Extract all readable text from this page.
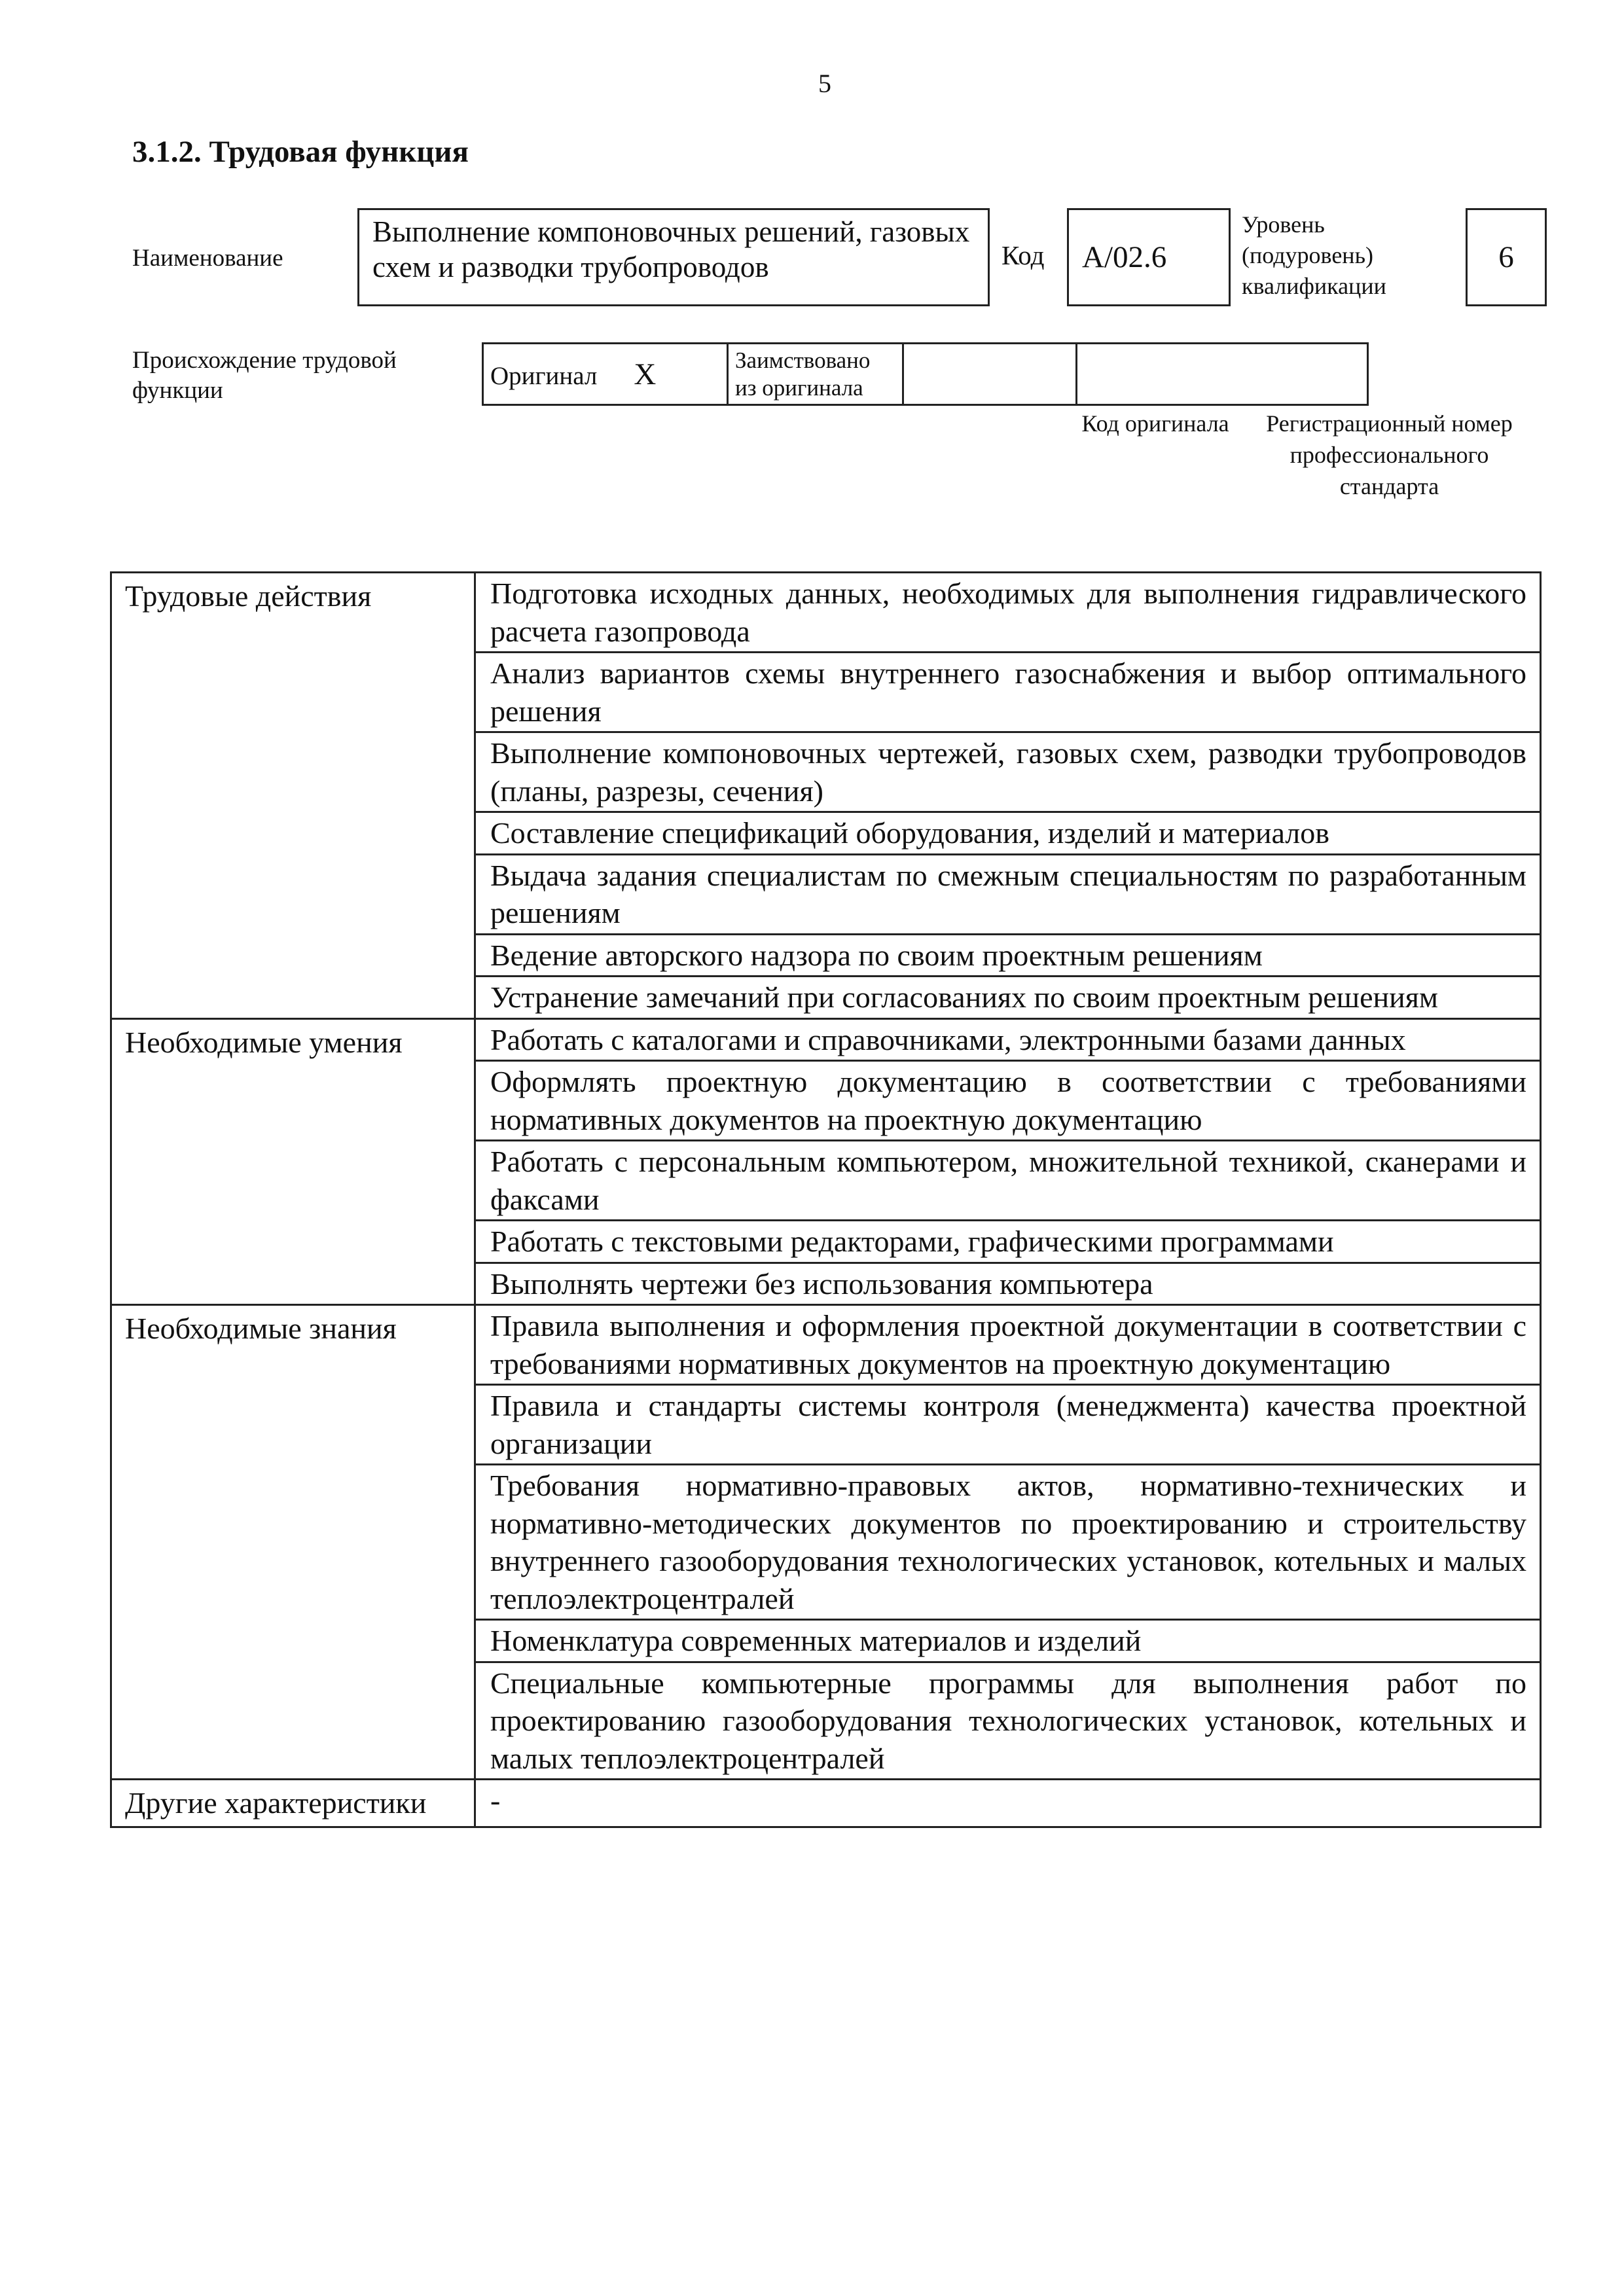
5
3.1.2. Трудовая функция
Наименование
Выполнение компоновочных решений, газовых схем и разводки трубопроводов	Код A/02.6
Уровень (подуровень) квалификации
6
Происхождение трудовой функции
Оригинал X	Заимствовано из оригинала		
Код оригинала	Регистрационный номер профессионального стандарта
Трудовые действия	Подготовка исходных данных, необходимых для выполнения гидравлического расчета газопровода
	Анализ вариантов схемы внутреннего газоснабжения и выбор оптимального решения
	Выполнение компоновочных чертежей, газовых схем, разводки трубопроводов (планы, разрезы, сечения)
	Составление спецификаций оборудования, изделий и материалов
	Выдача задания специалистам по смежным специальностям по разработанным решениям
	Ведение авторского надзора по своим проектным решениям
	Устранение замечаний при согласованиях по своим проектным решениям
Необходимые умения	Работать с каталогами и справочниками, электронными базами данных
	Оформлять проектную документацию в соответствии с требованиями нормативных документов на проектную документацию
	Работать с персональным компьютером, множительной техникой, сканерами и факсами
	Работать с текстовыми редакторами, графическими программами
	Выполнять чертежи без использования компьютера
Необходимые знания	Правила выполнения и оформления проектной документации в соответствии с требованиями нормативных документов на проектную документацию
	Правила и стандарты системы контроля (менеджмента) качества проектной организации
	Требования нормативно-правовых актов, нормативно-технических и нормативно-методических документов по проектированию и строительству внутреннего газооборудования технологических установок, котельных и малых теплоэлектроцентралей
	Номенклатура современных материалов и изделий
	Специальные компьютерные программы для выполнения работ по проектированию газооборудования технологических установок, котельных и малых теплоэлектроцентралей
Другие характеристики	-
